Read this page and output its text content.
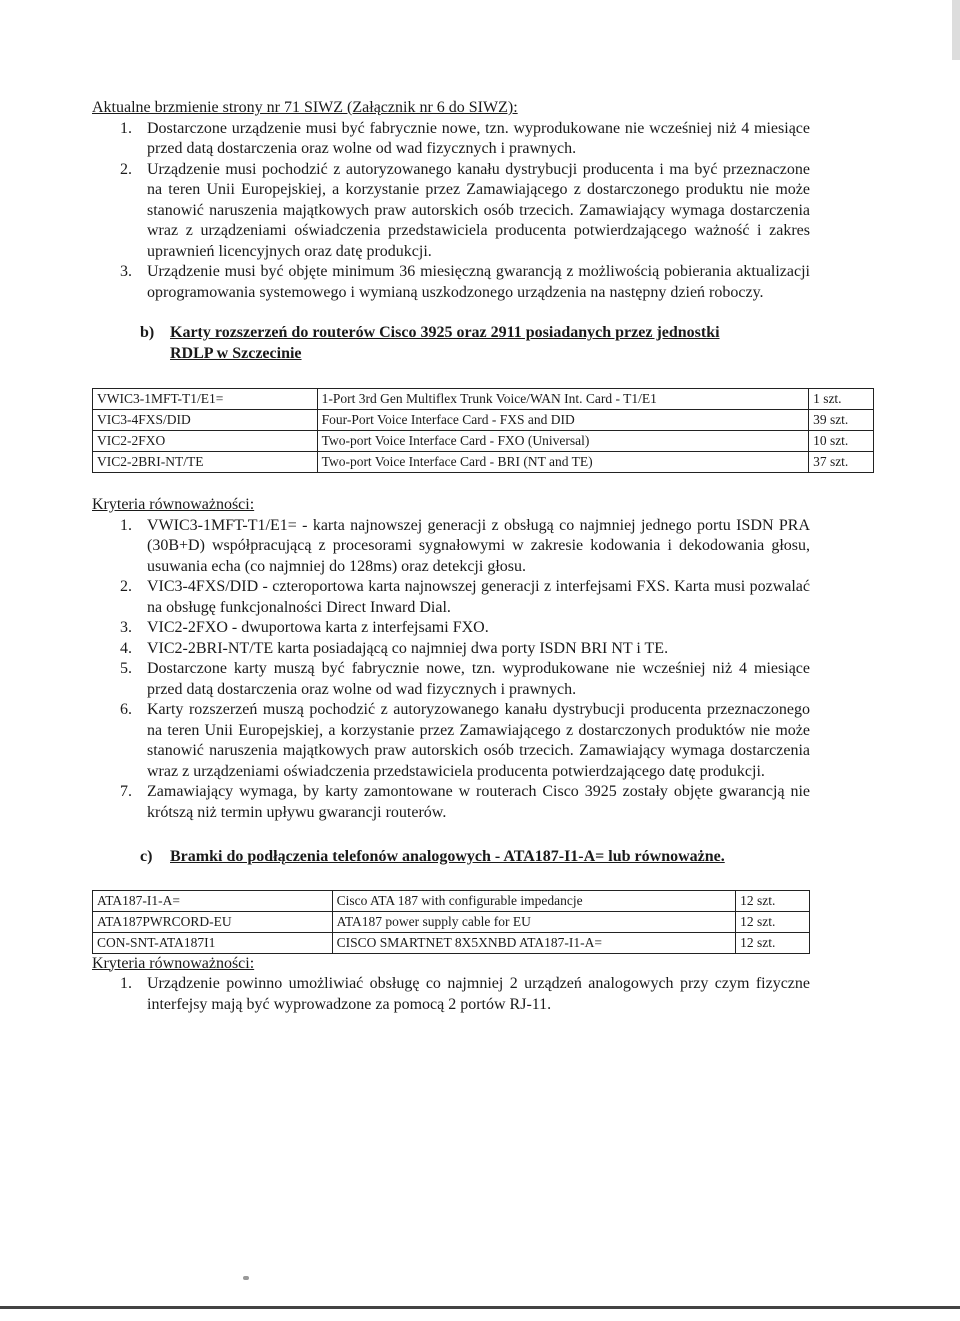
Aktualne brzmienie strony nr 71 SIWZ (Załącznik nr 6 do SIWZ):

1. Dostarczone urządzenie musi być fabrycznie nowe, tzn. wyprodukowane nie wcześniej niż 4 miesiące przed datą dostarczenia oraz wolne od wad fizycznych i prawnych.
2. Urządzenie musi pochodzić z autoryzowanego kanału dystrybucji producenta i ma być przeznaczone na teren Unii Europejskiej, a korzystanie przez Zamawiającego z dostarczonego produktu nie może stanowić naruszenia majątkowych praw autorskich osób trzecich. Zamawiający wymaga dostarczenia wraz z urządzeniami oświadczenia przedstawiciela producenta potwierdzającego ważność i zakres uprawnień licencyjnych oraz datę produkcji.
3. Urządzenie musi być objęte minimum 36 miesięczną gwarancją z możliwością pobierania aktualizacji oprogramowania systemowego i wymianą uszkodzonego urządzenia na następny dzień roboczy.
b) Karty rozszerzeń do routerów Cisco 3925 oraz 2911 posiadanych przez jednostki RDLP w Szczecinie
VWIC3-1MFT-T1/E1=	1-Port 3rd Gen Multiflex Trunk Voice/WAN Int. Card - T1/E1	1 szt.
VIC3-4FXS/DID	Four-Port Voice Interface Card - FXS and DID	39 szt.
VIC2-2FXO	Two-port Voice Interface Card - FXO (Universal)	10 szt.
VIC2-2BRI-NT/TE	Two-port Voice Interface Card - BRI (NT and TE)	37 szt.

Kryteria równoważności:

1. VWIC3-1MFT-T1/E1= - karta najnowszej generacji z obsługą co najmniej jednego portu ISDN PRA (30B+D) współpracującą z procesorami sygnałowymi w zakresie kodowania i dekodowania głosu, usuwania echa (co najmniej do 128ms) oraz detekcji głosu.
2. VIC3-4FXS/DID - czteroportowa karta najnowszej generacji z interfejsami FXS. Karta musi pozwalać na obsługę funkcjonalności Direct Inward Dial.
3. VIC2-2FXO - dwuportowa karta z interfejsami FXO.
4. VIC2-2BRI-NT/TE karta posiadającą co najmniej dwa porty ISDN BRI NT i TE.
5. Dostarczone karty muszą być fabrycznie nowe, tzn. wyprodukowane nie wcześniej niż 4 miesiące przed datą dostarczenia oraz wolne od wad fizycznych i prawnych.
6. Karty rozszerzeń muszą pochodzić z autoryzowanego kanału dystrybucji producenta przeznaczonego na teren Unii Europejskiej, a korzystanie przez Zamawiającego z dostarczonych produktów nie może stanowić naruszenia majątkowych praw autorskich osób trzecich. Zamawiający wymaga dostarczenia wraz z urządzeniami oświadczenia przedstawiciela producenta potwierdzającego datę produkcji.
7. Zamawiający wymaga, by karty zamontowane w routerach Cisco 3925 zostały objęte gwarancją nie krótszą niż termin upływu gwarancji routerów.
c)	Bramki do podłączenia telefonów analogowych - ATA187-I1-A= lub równoważne.
ATA187-I1-A=	Cisco ATA 187 with configurable impedancje	12 szt.
ATA187PWRCORD-EU	ATA187 power supply cable for EU	12 szt.
CON-SNT-ATA187I1	CISCO SMARTNET 8X5XNBD ATA187-I1-A=	12 szt.

Kryteria równoważności:

1. Urządzenie powinno umożliwiać obsługę co najmniej 2 urządzeń analogowych przy czym fizyczne interfejsy mają być wyprowadzone za pomocą 2 portów RJ-11.
